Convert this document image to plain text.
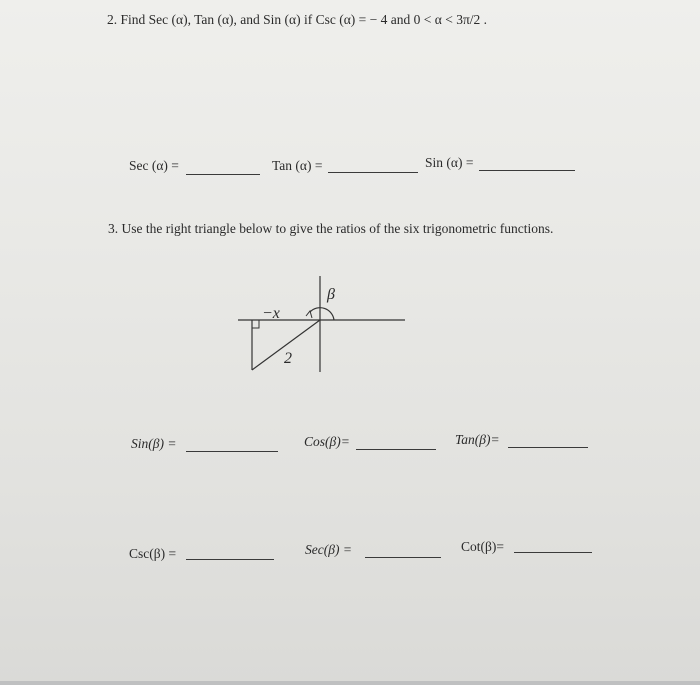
2. Find Sec (α), Tan (α), and Sin (α) if Csc (α) = − 4 and 0 < α < 3π/2 .
Sec (α) =	Tan (α) =	Sin (α) =
3. Use the right triangle below to give the ratios of the six trigonometric functions.
β
−x
2
Sin(β) =	Cos(β)=	Tan(β)=
Csc(β) =	Sec(β) =	Cot(β)=
